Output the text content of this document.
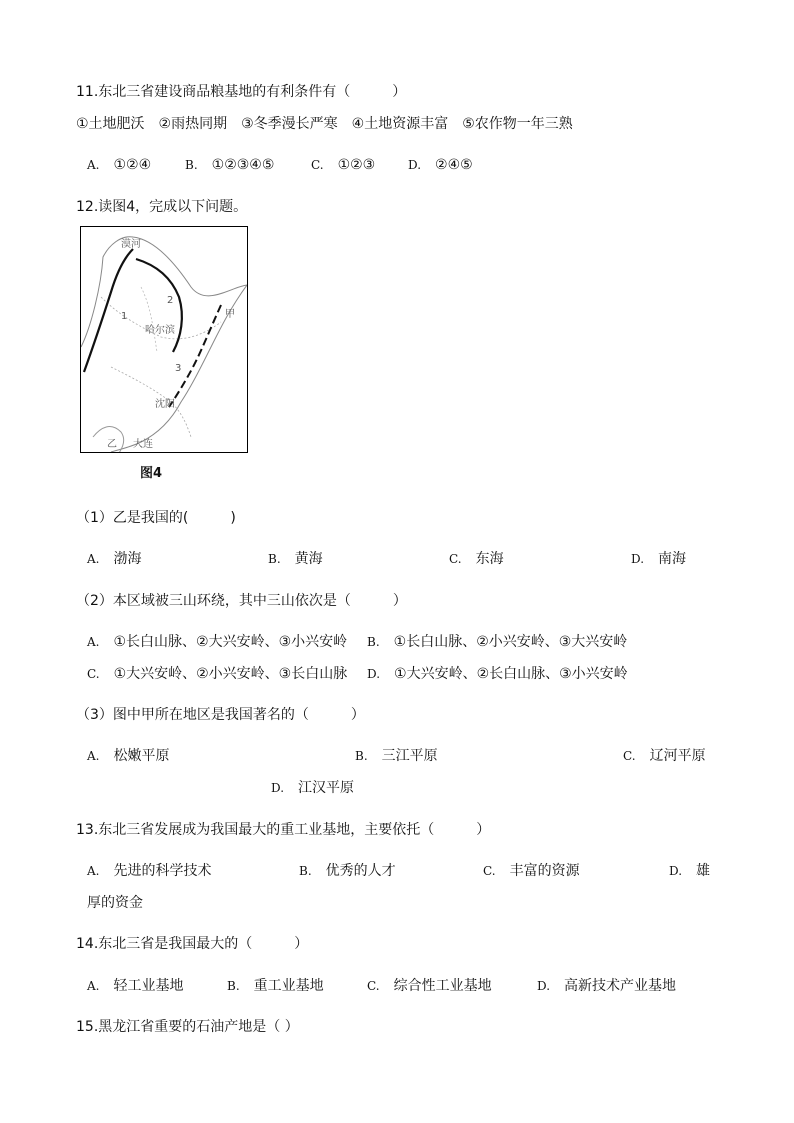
11.东北三省建设商品粮基地的有利条件有（　　　）
①土地肥沃　②雨热同期　③冬季漫长严寒　④土地资源丰富　⑤农作物一年三熟
A. ①②④	B. ①②③④⑤	C. ①②③	D. ②④⑤
12.读图4，完成以下问题。
漠河
哈尔滨
沈阳
大连
甲
乙
1
2
3
图4
（1）乙是我国的(　　　)
A. 渤海	B. 黄海	C. 东海	D. 南海
（2）本区域被三山环绕，其中三山依次是（　　　）
A. ①长白山脉、②大兴安岭、③小兴安岭 B. ①长白山脉、②小兴安岭、③大兴安岭
C. ①大兴安岭、②小兴安岭、③长白山脉 D. ①大兴安岭、②长白山脉、③小兴安岭
（3）图中甲所在地区是我国著名的（　　　）
A. 松嫩平原	B. 三江平原	C. 辽河平原
D. 江汉平原
13.东北三省发展成为我国最大的重工业基地，主要依托（　　　）
A. 先进的科学技术	B. 优秀的人才	C. 丰富的资源	D. 雄
厚的资金
14.东北三省是我国最大的（　　　）
A. 轻工业基地	B. 重工业基地	C. 综合性工业基地	D. 高新技术产业基地
15.黑龙江省重要的石油产地是（ ）
